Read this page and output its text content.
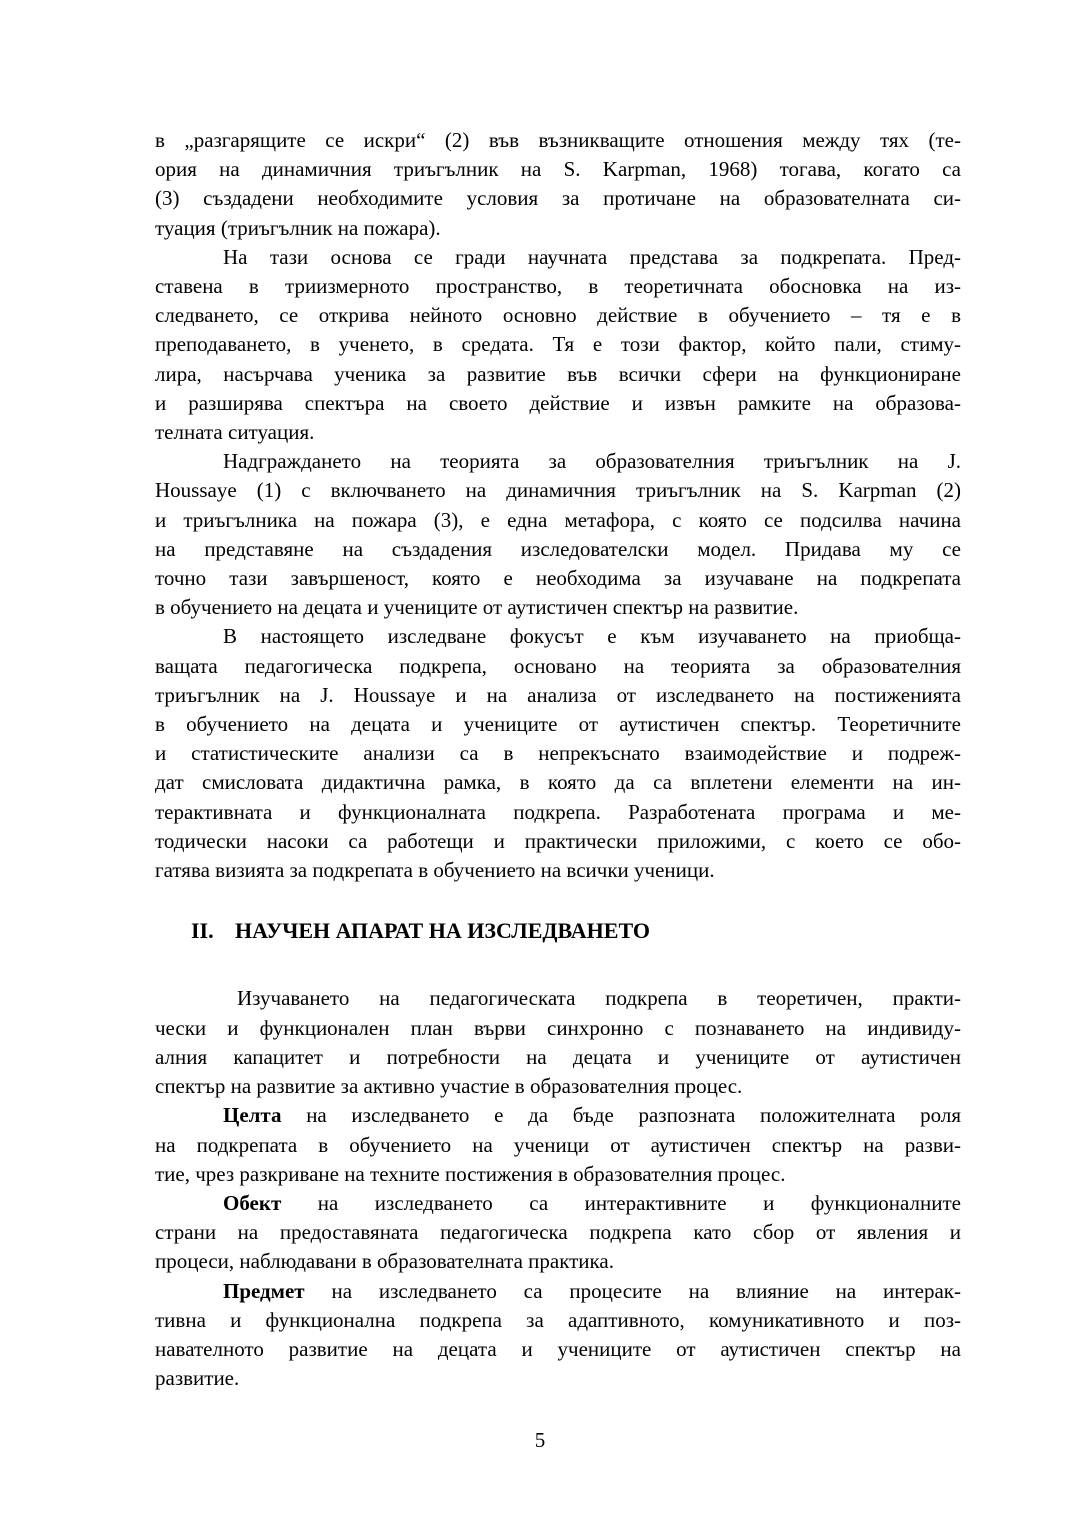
в „разгарящите се искри“ (2) във възникващите отношения между тях (те-
ория на динамичния триъгълник на S. Karpman, 1968) тогава, когато са
(3) създадени необходимите условия за протичане на образователната си-
туация (триъгълник на пожара).
На тази основа се гради научната представа за подкрепата. Пред-
ставена в триизмерното пространство, в теоретичната обосновка на из-
следването, се открива нейното основно действие в обучението – тя е в
преподаването, в ученето, в средата. Тя е този фактор, който пали, стиму-
лира, насърчава ученика за развитие във всички сфери на функциониране
и разширява спектъра на своето действие и извън рамките на образова-
телната ситуация.
Надграждането на теорията за образователния триъгълник на J.
Houssaye (1) с включването на динамичния триъгълник на S. Karpman (2)
и триъгълника на пожара (3), е една метафора, с която се подсилва начина
на представяне на създадения изследователски модел. Придава му се
точно тази завършеност, която е необходима за изучаване на подкрепата
в обучението на децата и учениците от аутистичен спектър на развитие.
В настоящето изследване фокусът е към изучаването на приобща-
ващата педагогическа подкрепа, основано на теорията за образователния
триъгълник на J. Houssaye и на анализа от изследването на постиженията
в обучението на децата и учениците от аутистичен спектър. Теоретичните
и статистическите анализи са в непрекъснато взаимодействие и подреж-
дат смисловата дидактична рамка, в която да са вплетени елементи на ин-
терактивната и функционалната подкрепа. Разработената програма и ме-
тодически насоки са работещи и практически приложими, с което се обо-
гатява визията за подкрепата в обучението на всички ученици.
II. НАУЧЕН АПАРАТ НА ИЗСЛЕДВАНЕТО
Изучаването на педагогическата подкрепа в теоретичен, практи-
чески и функционален план върви синхронно с познаването на индивиду-
алния капацитет и потребности на децата и учениците от аутистичен
спектър на развитие за активно участие в образователния процес.
Целта на изследването е да бъде разпозната положителната роля
на подкрепата в обучението на ученици от аутистичен спектър на разви-
тие, чрез разкриване на техните постижения в образователния процес.
Обект на изследването са интерактивните и функционалните
страни на предоставяната педагогическа подкрепа като сбор от явления и
процеси, наблюдавани в образователната практика.
Предмет на изследването са процесите на влияние на интерак-
тивна и функционална подкрепа за адаптивното, комуникативното и поз-
навателното развитие на децата и учениците от аутистичен спектър на
развитие.
5
